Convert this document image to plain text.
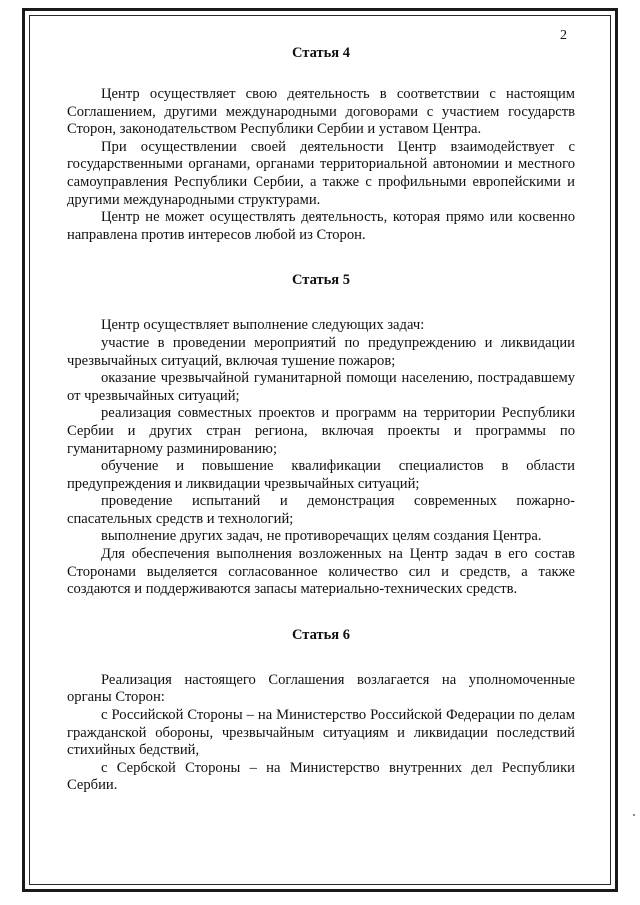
2
Статья 4

Центр осуществляет свою деятельность в соответствии с настоящим Соглашением, другими международными договорами с участием государств Сторон, законодательством Республики Сербии и уставом Центра.

При осуществлении своей деятельности Центр взаимодействует с государственными органами, органами территориальной автономии и местного самоуправления Республики Сербии, а также с профильными европейскими и другими международными структурами.

Центр не может осуществлять деятельность, которая прямо или косвенно направлена против интересов любой из Сторон.

Статья 5

Центр осуществляет выполнение следующих задач:

участие в проведении мероприятий по предупреждению и ликвидации чрезвычайных ситуаций, включая тушение пожаров;

оказание чрезвычайной гуманитарной помощи населению, пострадавшему от чрезвычайных ситуаций;

реализация совместных проектов и программ на территории Республики Сербии и других стран региона, включая проекты и программы по гуманитарному разминированию;

обучение и повышение квалификации специалистов в области предупреждения и ликвидации чрезвычайных ситуаций;

проведение испытаний и демонстрация современных пожарно-спасательных средств и технологий;

выполнение других задач, не противоречащих целям создания Центра.

Для обеспечения выполнения возложенных на Центр задач в его состав Сторонами выделяется согласованное количество сил и средств, а также создаются и поддерживаются запасы материально-технических средств.

Статья 6

Реализация настоящего Соглашения возлагается на уполномоченные органы Сторон:

с Российской Стороны – на Министерство Российской Федерации по делам гражданской обороны, чрезвычайным ситуациям и ликвидации последствий стихийных бедствий,

с Сербской Стороны – на Министерство внутренних дел Республики Сербии.
